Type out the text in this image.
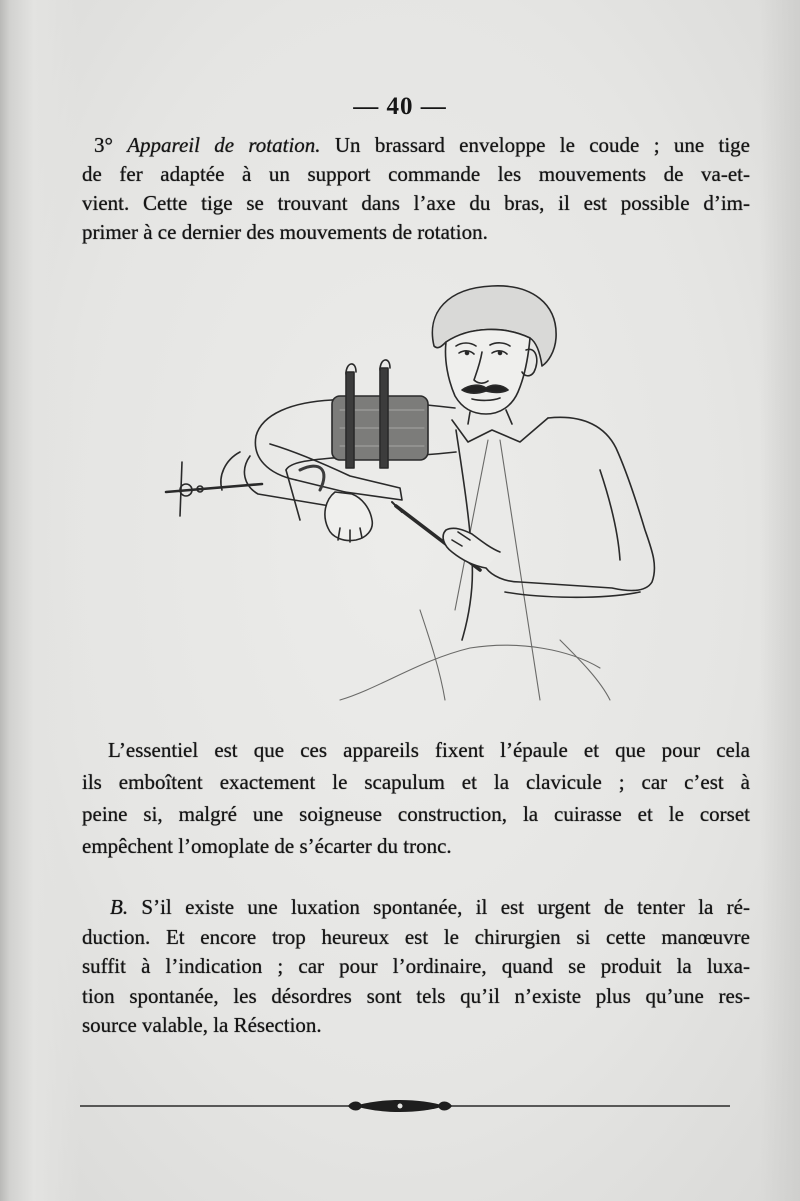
— 40 —
3° Appareil de rotation. Un brassard enveloppe le coude ; une tige
de fer adaptée à un support commande les mouvements de va-et-
vient. Cette tige se trouvant dans l’axe du bras, il est possible d’im-
primer à ce dernier des mouvements de rotation.
L’essentiel est que ces appareils fixent l’épaule et que pour cela
ils emboîtent exactement le scapulum et la clavicule ; car c’est à
peine si, malgré une soigneuse construction, la cuirasse et le corset
empêchent l’omoplate de s’écarter du tronc.
B. S’il existe une luxation spontanée, il est urgent de tenter la ré-
duction. Et encore trop heureux est le chirurgien si cette manœuvre
suffit à l’indication ; car pour l’ordinaire, quand se produit la luxa-
tion spontanée, les désordres sont tels qu’il n’existe plus qu’une res-
source valable, la Résection.
